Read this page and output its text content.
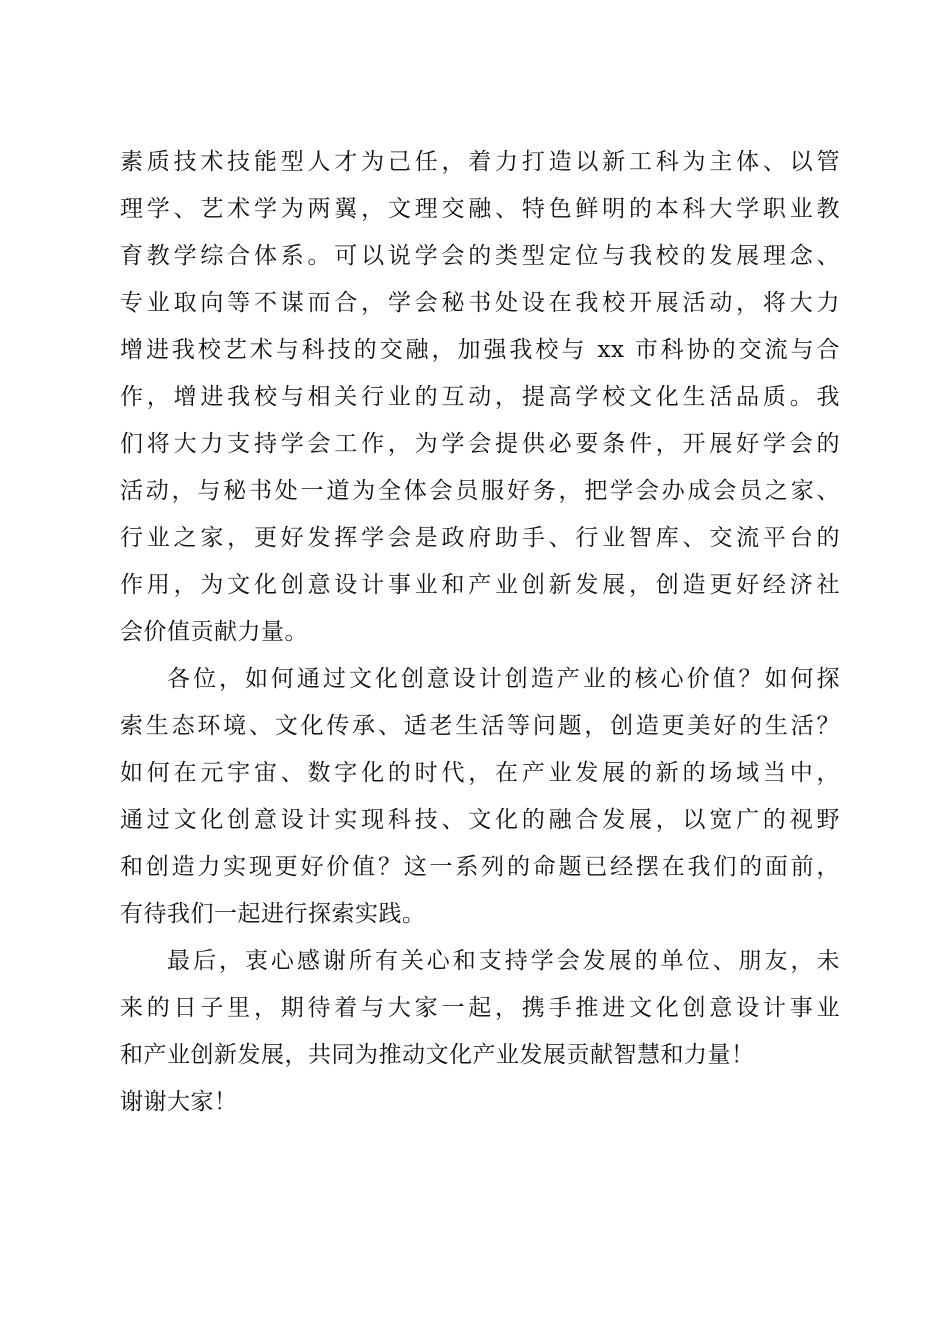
素质技术技能型人才为己任，着力打造以新工科为主体、以管
理学、艺术学为两翼，文理交融、特色鲜明的本科大学职业教
育教学综合体系。可以说学会的类型定位与我校的发展理念、
专业取向等不谋而合，学会秘书处设在我校开展活动，将大力
增进我校艺术与科技的交融，加强我校与 xx 市科协的交流与合
作，增进我校与相关行业的互动，提高学校文化生活品质。我
们将大力支持学会工作，为学会提供必要条件，开展好学会的
活动，与秘书处一道为全体会员服好务，把学会办成会员之家、
行业之家，更好发挥学会是政府助手、行业智库、交流平台的
作用，为文化创意设计事业和产业创新发展，创造更好经济社
会价值贡献力量。
各位，如何通过文化创意设计创造产业的核心价值？如何探
索生态环境、文化传承、适老生活等问题，创造更美好的生活？
如何在元宇宙、数字化的时代，在产业发展的新的场域当中，
通过文化创意设计实现科技、文化的融合发展，以宽广的视野
和创造力实现更好价值？这一系列的命题已经摆在我们的面前，
有待我们一起进行探索实践。
最后，衷心感谢所有关心和支持学会发展的单位、朋友，未
来的日子里，期待着与大家一起，携手推进文化创意设计事业
和产业创新发展，共同为推动文化产业发展贡献智慧和力量！
谢谢大家！
